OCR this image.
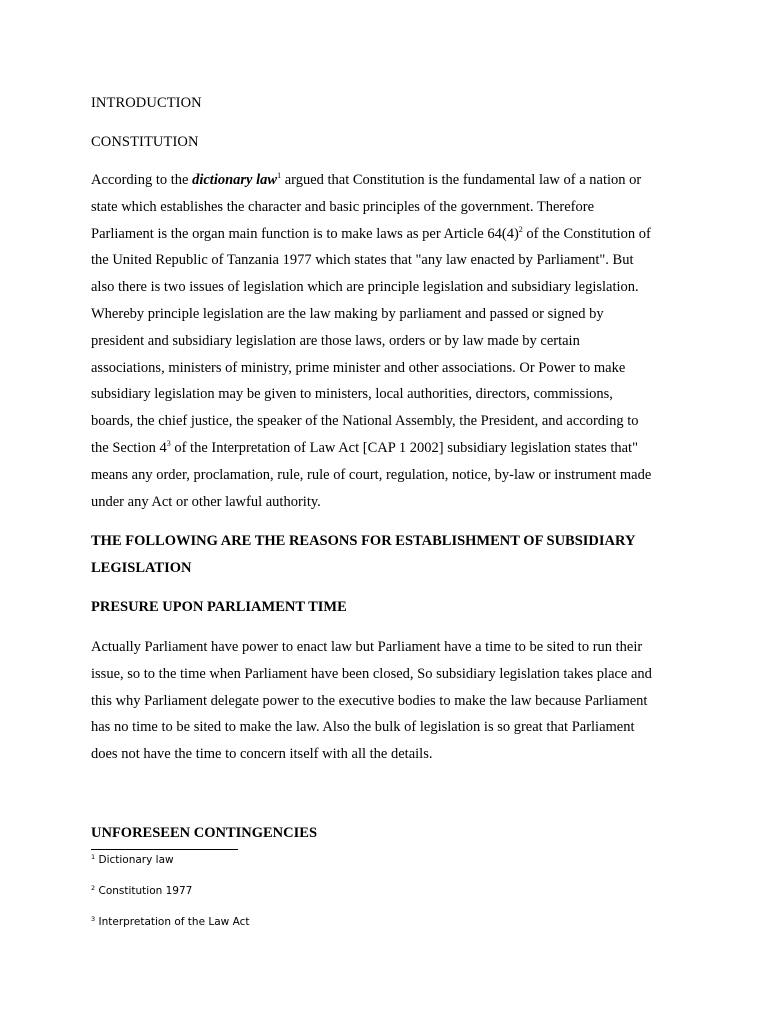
INTRODUCTION
CONSTITUTION
According to the dictionary law$^1$ argued that Constitution is the fundamental law of a nation or
state which establishes the character and basic principles of the government. Therefore
Parliament is the organ main function is to make laws as per Article $64(4)^2$ of the Constitution of
the United Republic of Tanzania 1977 which states that "any law enacted by Parliament". But
also there is two issues of legislation which are principle legislation and subsidiary legislation.
Whereby principle legislation are the law making by parliament and passed or signed by
president and subsidiary legislation are those laws, orders or by law made by certain
associations, ministers of ministry, prime minister and other associations. Or Power to make
subsidiary legislation may be given to ministers, local authorities, directors, commissions,
boards, the chief justice, the speaker of the National Assembly, the President, and according to
the Section $4^3$ of the Interpretation of Law Act [CAP 1 2002] subsidiary legislation states that"
means any order, proclamation, rule, rule of court, regulation, notice, by-law or instrument made
under any Act or other lawful authority.
THE FOLLOWING ARE THE REASONS FOR ESTABLISHMENT OF SUBSIDIARY
LEGISLATION
PRESURE UPON PARLIAMENT TIME
Actually Parliament have power to enact law but Parliament have a time to be sited to run their
issue, so to the time when Parliament have been closed, So subsidiary legislation takes place and
this why Parliament delegate power to the executive bodies to make the law because Parliament
has no time to be sited to make the law. Also the bulk of legislation is so great that Parliament
does not have the time to concern itself with all the details.
UNFORESEEN CONTINGENCIES
$^1$ Dictionary law
$^2$ Constitution 1977
$^3$ Interpretation of the Law Act
